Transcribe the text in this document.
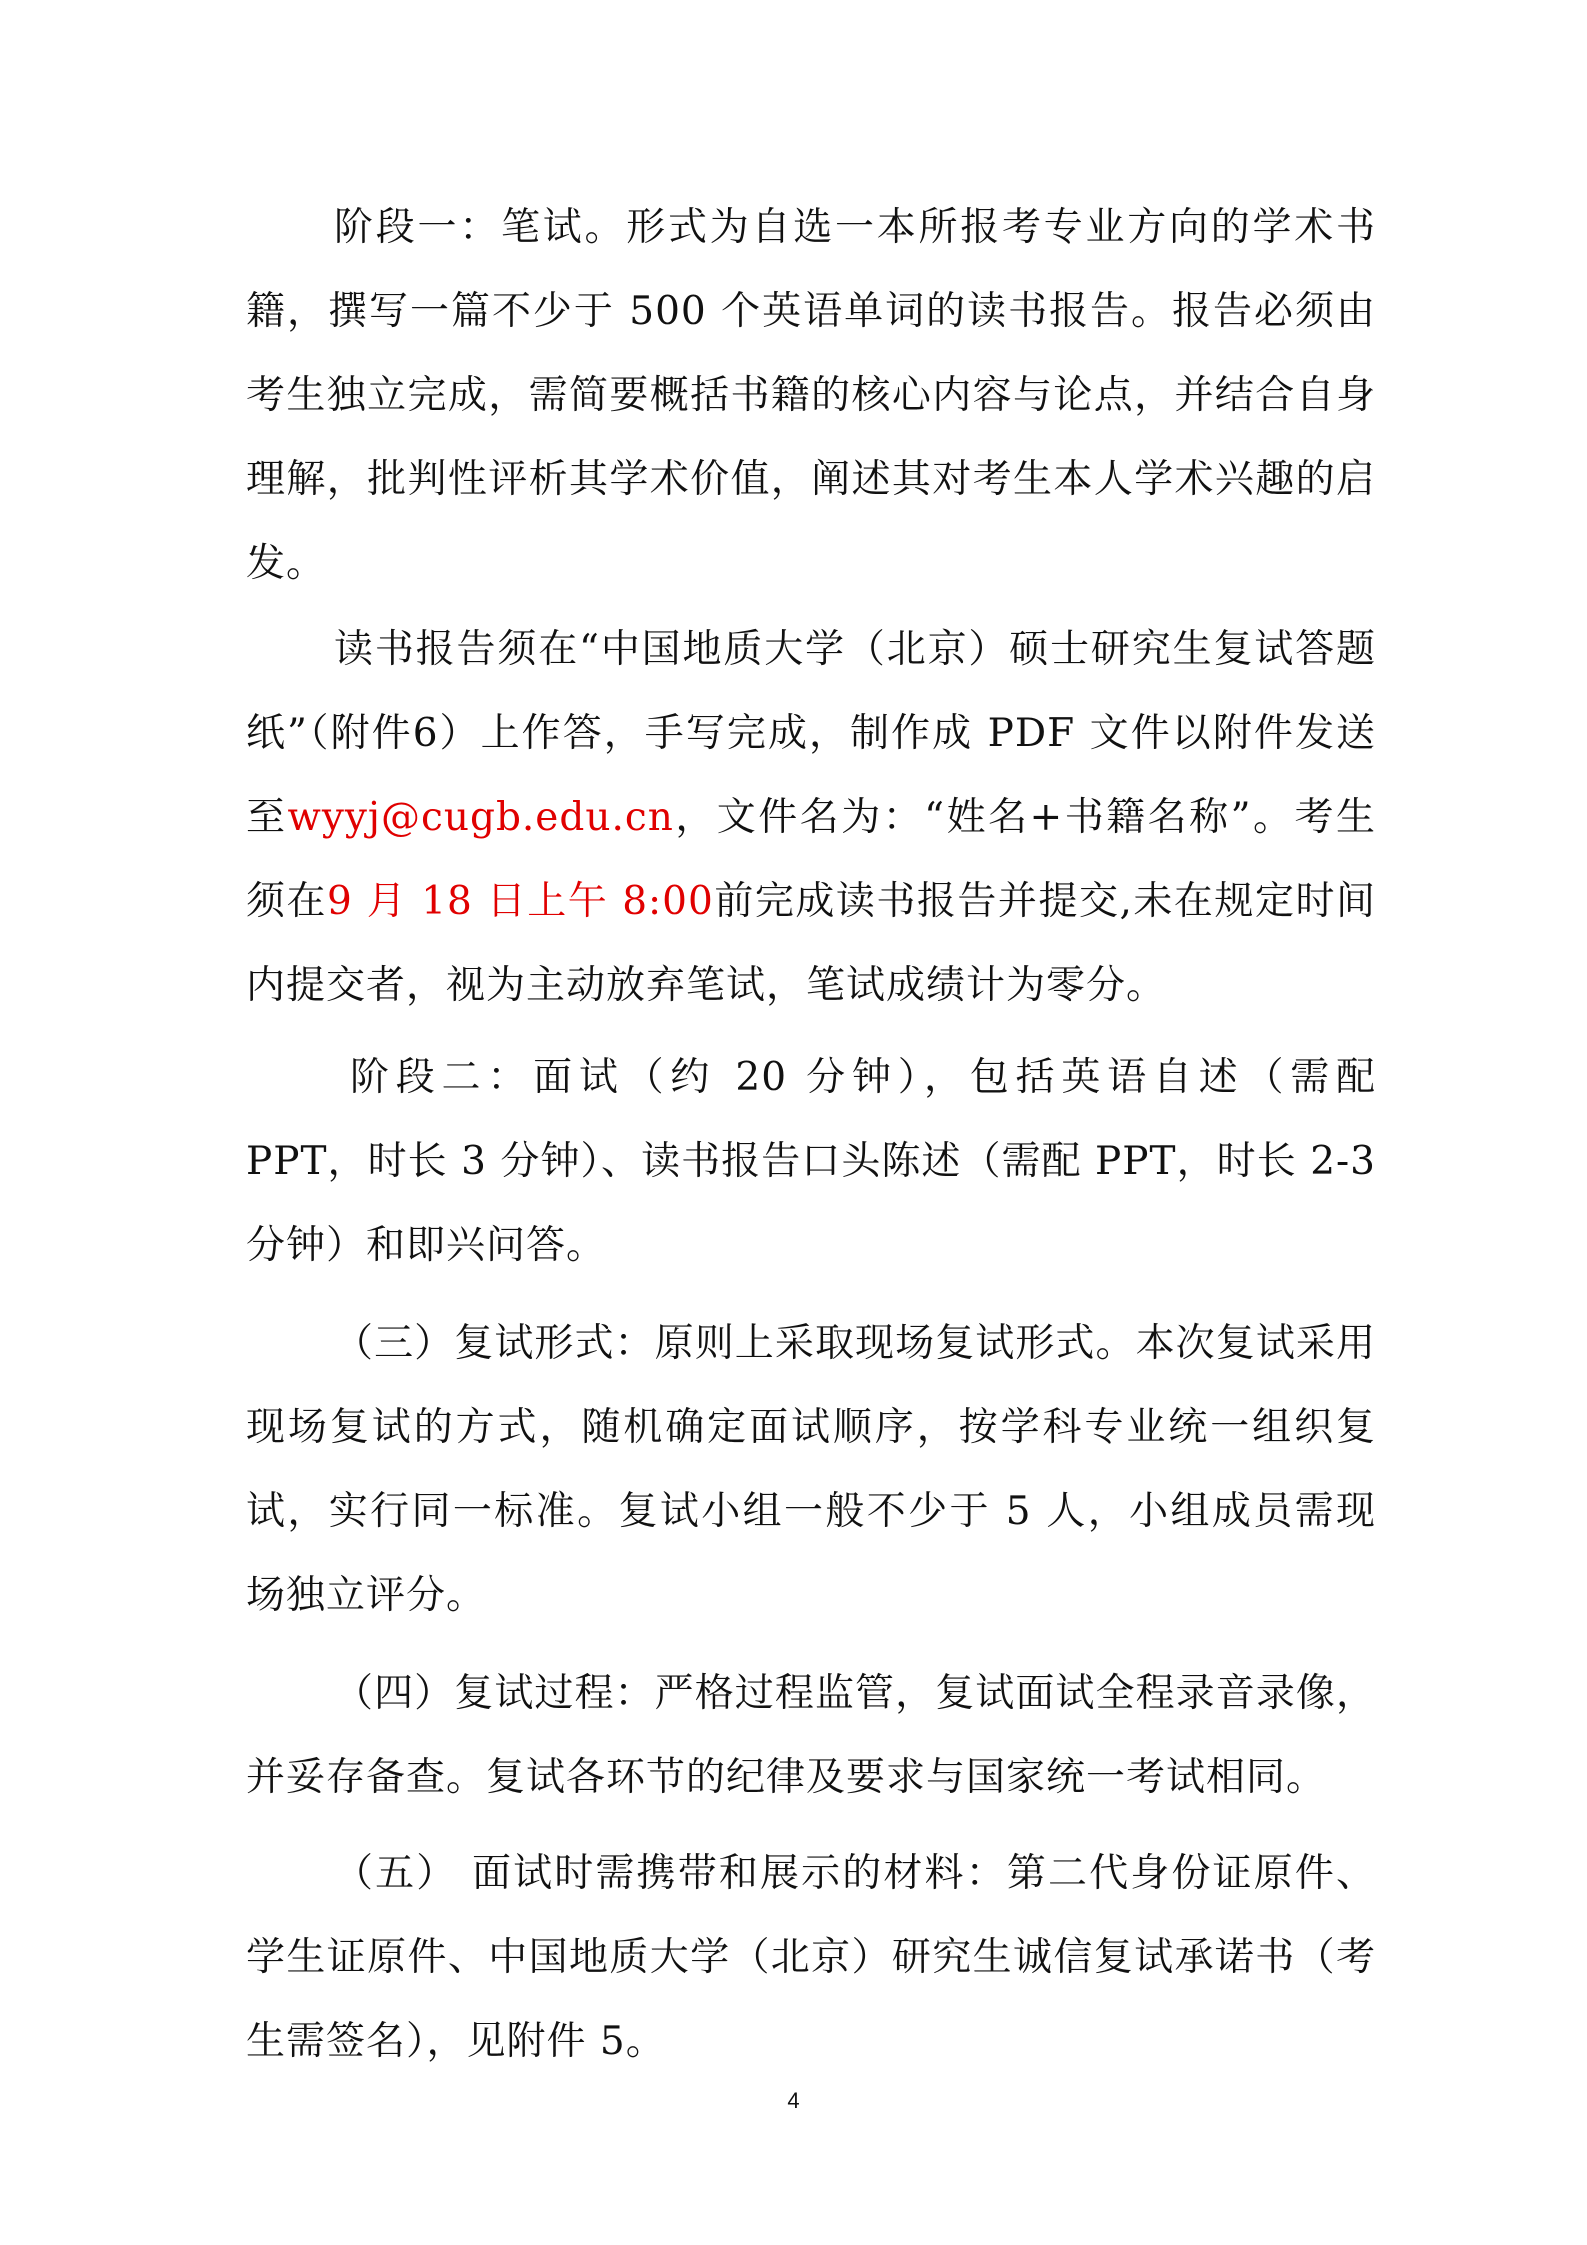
阶段一：笔试。形式为自选一本所报考专业方向的学术书籍，撰写一篇不少于 500 个英语单词的读书报告。报告必须由考生独立完成，需简要概括书籍的核心内容与论点，并结合自身理解，批判性评析其学术价值，阐述其对考生本人学术兴趣的启发。

读书报告须在“中国地质大学（北京）硕士研究生复试答题纸”（附件6）上作答，手写完成，制作成 PDF 文件以附件发送至wyyj@cugb.edu.cn，文件名为：“姓名+书籍名称”。考生须在9 月 18 日上午 8:00前完成读书报告并提交,未在规定时间内提交者，视为主动放弃笔试，笔试成绩计为零分。

阶段二：面试（约 20 分钟），包括英语自述（需配 PPT，时长 3 分钟）、读书报告口头陈述（需配 PPT，时长 2-3 分钟）和即兴问答。

（三）复试形式：原则上采取现场复试形式。本次复试采用现场复试的方式，随机确定面试顺序，按学科专业统一组织复试，实行同一标准。复试小组一般不少于 5 人，小组成员需现场独立评分。

（四）复试过程：严格过程监管，复试面试全程录音录像，并妥存备查。复试各环节的纪律及要求与国家统一考试相同。

（五） 面试时需携带和展示的材料：第二代身份证原件、 学生证原件、中国地质大学（北京）研究生诚信复试承诺书（考生需签名），见附件 5。

4
